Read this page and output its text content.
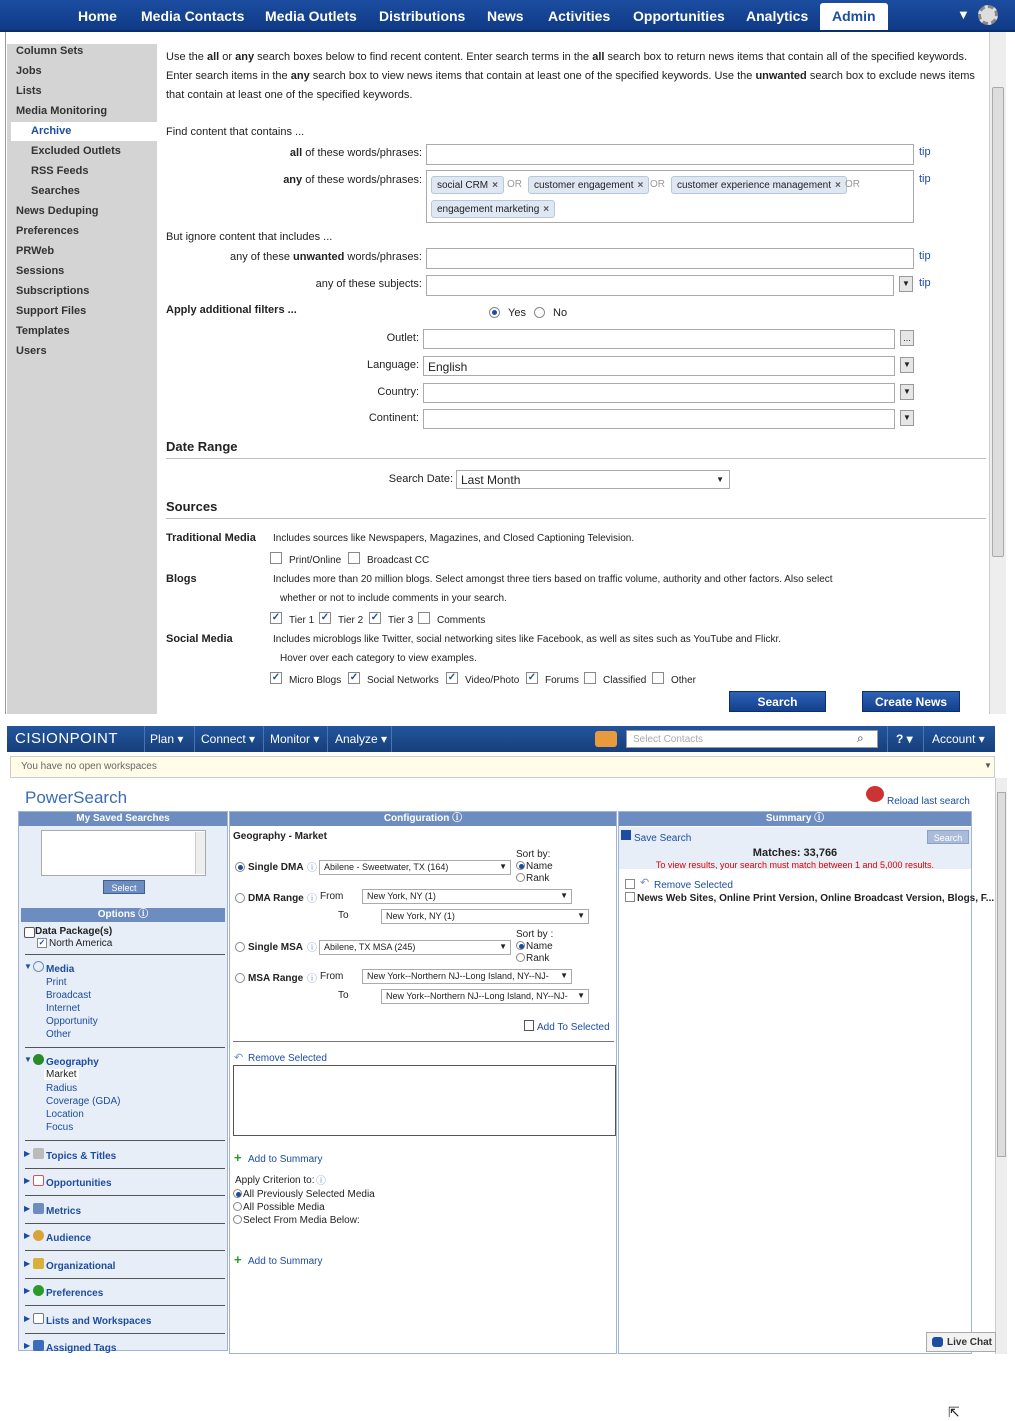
Home Media Contacts Media Outlets Distributions News Activities Opportunities Analytics	Admin	▼
Column Sets
Jobs
Lists
Media Monitoring
Archive
Excluded Outlets
RSS Feeds
Searches
News Deduping
Preferences
PRWeb
Sessions
Subscriptions
Support Files
Templates
Users
Use the all or any search boxes below to find recent content. Enter search terms in the all search box to return news items that contain all of the specified keywords. Enter search items in the any search box to view news items that contain at least one of the specified keywords. Use the unwanted search box to exclude news items that contain at least one of the specified keywords.
Find content that contains ...
all of these words/phrases:	tip
any of these words/phrases:	social CRM × OR	customer engagement × OR	customer experience management × OR
engagement marketing ×
tip
But ignore content that includes ...
any of these unwanted words/phrases:	tip
any of these subjects:	▼ tip
Apply additional filters ...	Yes No
Outlet:	...
Language: English	▼
Country:	▼
Continent:	▼
Date Range
Search Date: Last Month	▼
Sources
Traditional Media Includes sources like Newspapers, Magazines, and Closed Captioning Television.
Print/Online	Broadcast CC
Blogs	Includes more than 20 million blogs. Select amongst three tiers based on traffic volume, authority and other factors. Also select
whether or not to include comments in your search.
✓ Tier 1 ✓ Tier 2 ✓ Tier 3 Comments
Social Media	Includes microblogs like Twitter, social networking sites like Facebook, as well as sites such as YouTube and Flickr.
Hover over each category to view examples.
✓ Micro Blogs ✓ Social Networks ✓ Video/Photo ✓ Forums Classified Other
Search	Create News
CISIONPOINT	Plan ▾ Connect ▾ Monitor ▾ Analyze ▾	Select Contacts	⌕	? ▾ Account ▾
You have no open workspaces	▼
PowerSearch	Reload last search
My Saved Searches
Select
Options ⓘ
Data Package(s)
✓ North America
▼ Media
Print
Broadcast
Internet
Opportunity
Other
▼ Geography
Market
Radius
Coverage (GDA)
Location
Focus
▶ Topics & Titles
▶ Opportunities
▶ Metrics
▶ Audience
▶ Organizational
▶ Preferences
▶ Lists and Workspaces
▶ Assigned Tags
Configuration ⓘ
Geography - Market
Single DMA ⓘ Abilene - Sweetwater, TX (164)	▼
Sort by:
Name
Rank
DMA Range ⓘ From	New York, NY (1)	▼
To	New York, NY (1)	▼
Single MSA ⓘ Abilene, TX MSA (245)	▼
Sort by :
Name
Rank
MSA Range ⓘ From	New York--Northern NJ--Long Island, NY--NJ- ▼
To	New York--Northern NJ--Long Island, NY--NJ- ▼
Add To Selected
↶ Remove Selected
+ Add to Summary
Apply Criterion to: ⓘ
All Previously Selected Media
All Possible Media
Select From Media Below:
+ Add to Summary
Summary ⓘ
Save Search	Search
Matches: 33,766
To view results, your search must match between 1 and 5,000 results.
↶ Remove Selected
News Web Sites, Online Print Version, Online Broadcast Version, Blogs, F...
⇱
Live Chat
